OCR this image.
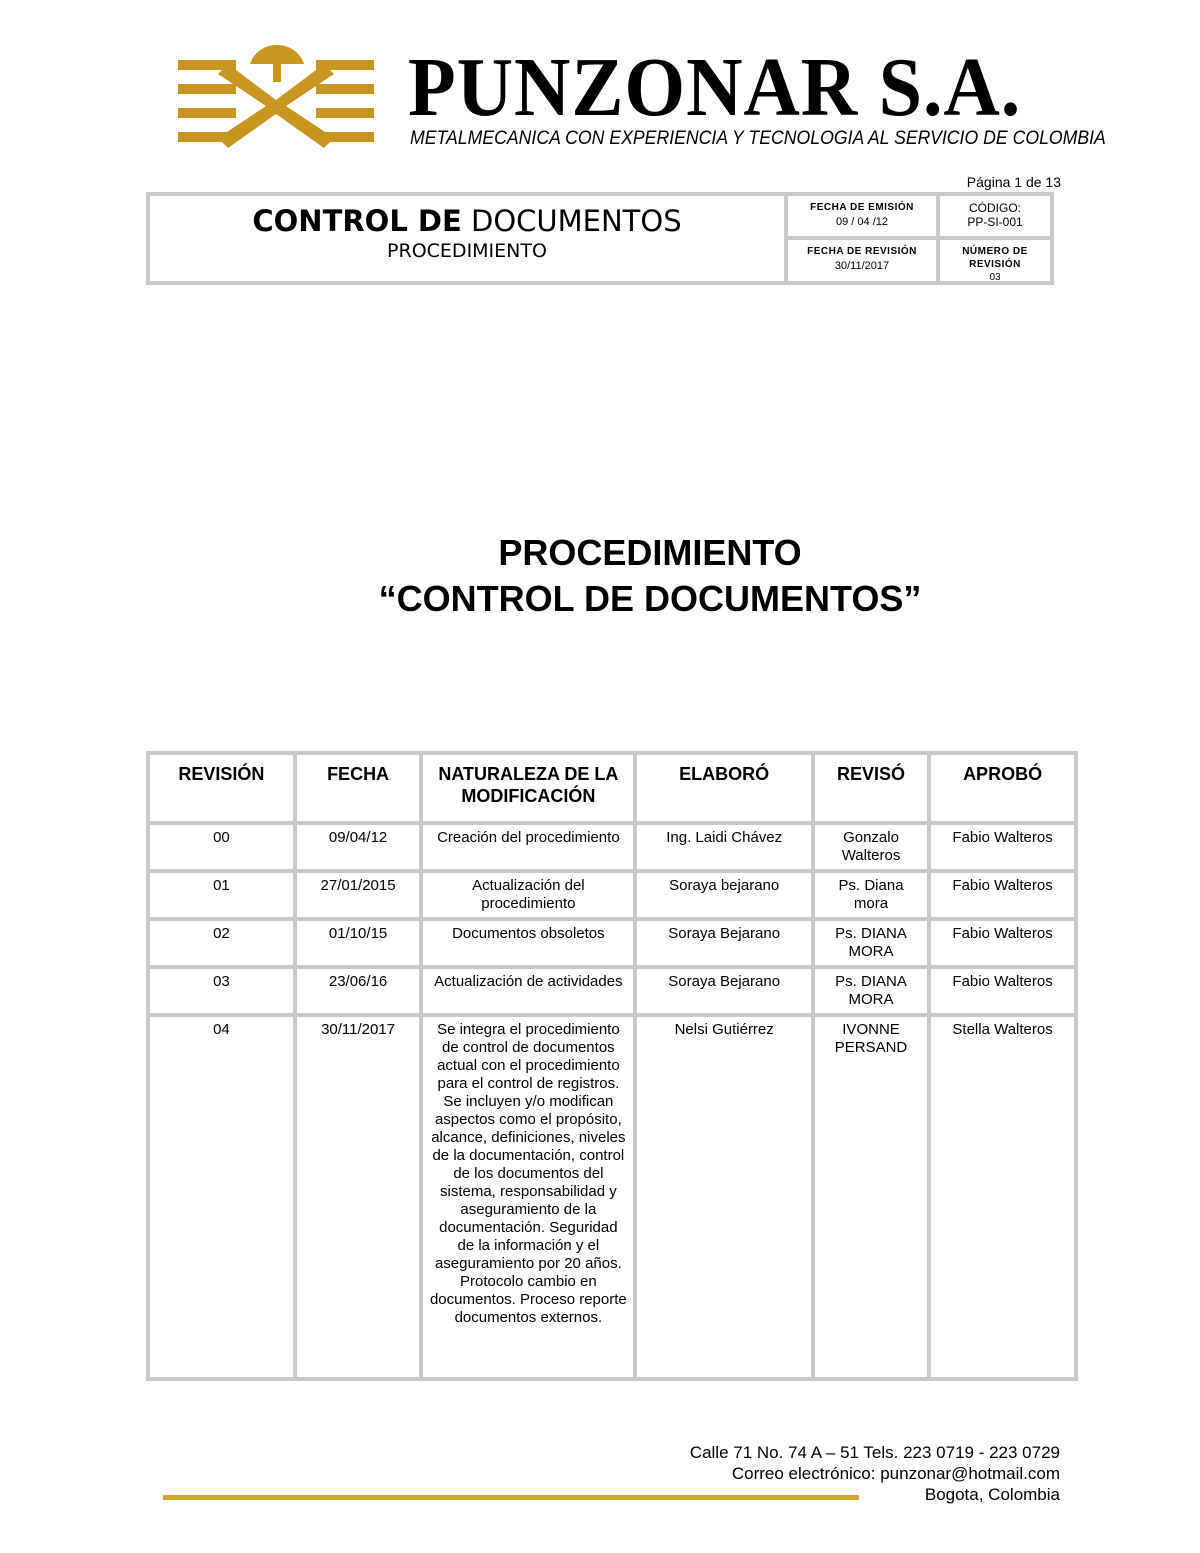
PUNZONAR S.A.
METALMECANICA CON EXPERIENCIA Y TECNOLOGIA AL SERVICIO DE COLOMBIA
Página 1 de 13
CONTROL DE DOCUMENTOS
PROCEDIMIENTO
FECHA DE EMISIÓN
09 / 04 /12
CÓDIGO:
PP-SI-001
FECHA DE REVISIÓN
30/11/2017
NÚMERO DE REVISIÓN
03
PROCEDIMIENTO
“CONTROL DE DOCUMENTOS”
REVISIÓN	FECHA	NATURALEZA DE LA MODIFICACIÓN	ELABORÓ	REVISÓ	APROBÓ
00	09/04/12	Creación del procedimiento	Ing. Laidi Chávez	Gonzalo Walteros	Fabio Walteros
01	27/01/2015	Actualización del procedimiento	Soraya bejarano	Ps. Diana mora	Fabio Walteros
02	01/10/15	Documentos obsoletos	Soraya Bejarano	Ps. DIANA MORA	Fabio Walteros
03	23/06/16	Actualización de actividades	Soraya Bejarano	Ps. DIANA MORA	Fabio Walteros
04	30/11/2017	Se integra el procedimiento de control de documentos actual con el procedimiento para el control de registros. Se incluyen y/o modifican aspectos como el propósito, alcance, definiciones, niveles de la documentación, control de los documentos del sistema, responsabilidad y aseguramiento de la documentación. Seguridad de la información y el aseguramiento por 20 años. Protocolo cambio en documentos. Proceso reporte documentos externos.	Nelsi Gutiérrez	IVONNE PERSAND	Stella Walteros
Calle 71 No. 74 A – 51 Tels. 223 0719 - 223 0729
Correo electrónico: punzonar@hotmail.com
Bogota, Colombia
